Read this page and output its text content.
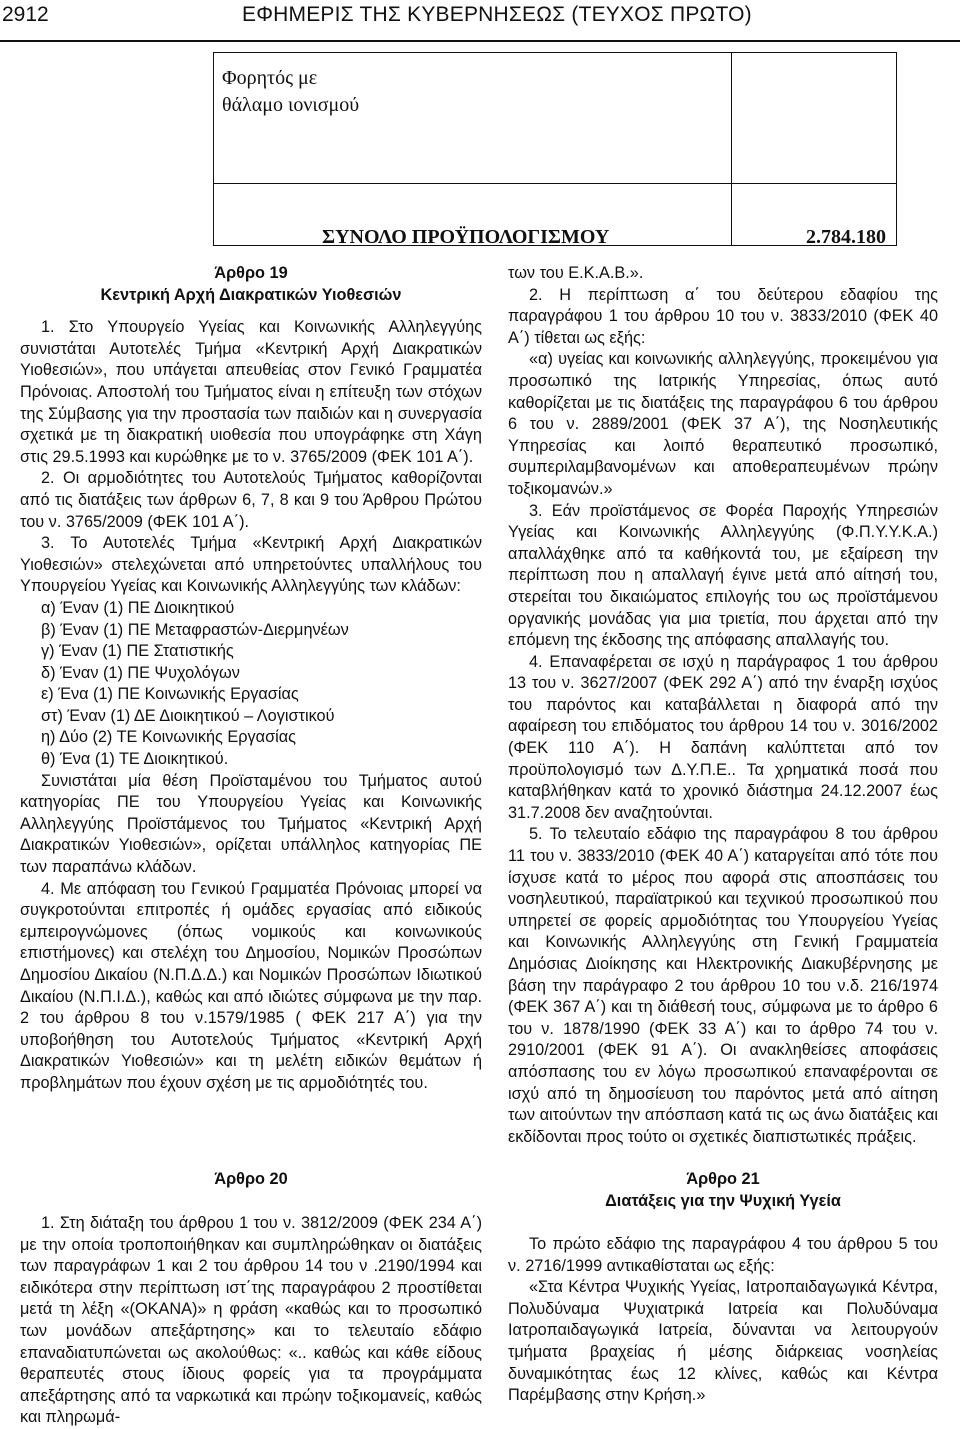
2912	ΕΦΗΜΕΡΙΣ ΤΗΣ ΚΥΒΕΡΝΗΣΕΩΣ (ΤΕΥΧΟΣ ΠΡΩΤΟ)
Φορητός με
θάλαμο ιονισμού
ΣΥΝΟΛΟ ΠΡΟΫΠΟΛΟΓΙΣΜΟΥ	2.784.180
Άρθρο 19
Κεντρική Αρχή Διακρατικών Υιοθεσιών

1. Στο Υπουργείο Υγείας και Κοινωνικής Αλληλεγγύης συνιστάται Αυτοτελές Τμήμα «Κεντρική Αρχή Διακρατικών Υιοθεσιών», που υπάγεται απευθείας στον Γενικό Γραμματέα Πρόνοιας. Αποστολή του Τμήματος είναι η επίτευξη των στόχων της Σύμβασης για την προστασία των παιδιών και η συνεργασία σχετικά με τη διακρατική υιοθεσία που υπογράφηκε στη Χάγη στις 29.5.1993 και κυρώθηκε με το ν. 3765/2009 (ΦΕΚ 101 Α΄).

2. Οι αρμοδιότητες του Αυτοτελούς Τμήματος καθορίζονται από τις διατάξεις των άρθρων 6, 7, 8 και 9 του Άρθρου Πρώτου του ν. 3765/2009 (ΦΕΚ 101 Α΄).

3. Το Αυτοτελές Τμήμα «Κεντρική Αρχή Διακρατικών Υιοθεσιών» στελεχώνεται από υπηρετούντες υπαλλήλους του Υπουργείου Υγείας και Κοινωνικής Αλληλεγγύης των κλάδων:

α) Έναν (1) ΠΕ Διοικητικού

β) Έναν (1) ΠΕ Μεταφραστών-Διερμηνέων

γ) Έναν (1) ΠΕ Στατιστικής

δ) Έναν (1) ΠΕ Ψυχολόγων

ε) Ένα (1) ΠΕ Κοινωνικής Εργασίας

στ) Έναν (1) ΔΕ Διοικητικού – Λογιστικού

η) Δύο (2) ΤΕ Κοινωνικής Εργασίας

θ) Ένα (1) ΤΕ Διοικητικού.

Συνιστάται μία θέση Προϊσταμένου του Τμήματος αυτού κατηγορίας ΠΕ του Υπουργείου Υγείας και Κοινωνικής Αλληλεγγύης Προϊστάμενος του Τμήματος «Κεντρική Αρχή Διακρατικών Υιοθεσιών», ορίζεται υπάλληλος κατηγορίας ΠΕ των παραπάνω κλάδων.

4. Με απόφαση του Γενικού Γραμματέα Πρόνοιας μπορεί να συγκροτούνται επιτροπές ή ομάδες εργασίας από ειδικούς εμπειρογνώμονες (όπως νομικούς και κοινωνικούς επιστήμονες) και στελέχη του Δημοσίου, Νομικών Προσώπων Δημοσίου Δικαίου (Ν.Π.Δ.Δ.) και Νομικών Προσώπων Ιδιωτικού Δικαίου (Ν.Π.Ι.Δ.), καθώς και από ιδιώτες σύμφωνα με την παρ. 2 του άρθρου 8 του ν.1579/1985 ( ΦΕΚ 217 Α΄) για την υποβοήθηση του Αυτοτελούς Τμήματος «Κεντρική Αρχή Διακρατικών Υιοθεσιών» και τη μελέτη ειδικών θεμάτων ή προβλημάτων που έχουν σχέση με τις αρμοδιότητές του.

των του Ε.Κ.Α.Β.».

2. Η περίπτωση α΄ του δεύτερου εδαφίου της παραγράφου 1 του άρθρου 10 του ν. 3833/2010 (ΦΕΚ 40 Α΄) τίθεται ως εξής:

«α) υγείας και κοινωνικής αλληλεγγύης, προκειμένου για προσωπικό της Ιατρικής Υπηρεσίας, όπως αυτό καθορίζεται με τις διατάξεις της παραγράφου 6 του άρθρου 6 του ν. 2889/2001 (ΦΕΚ 37 Α΄), της Νοσηλευτικής Υπηρεσίας και λοιπό θεραπευτικό προσωπικό, συμπεριλαμβανομένων και αποθεραπευμένων πρώην τοξικομανών.»

3. Εάν προϊστάμενος σε Φορέα Παροχής Υπηρεσιών Υγείας και Κοινωνικής Αλληλεγγύης (Φ.Π.Υ.Υ.Κ.Α.) απαλλάχθηκε από τα καθήκοντά του, με εξαίρεση την περίπτωση που η απαλλαγή έγινε μετά από αίτησή του, στερείται του δικαιώματος επιλογής του ως προϊστάμενου οργανικής μονάδας για μια τριετία, που άρχεται από την επόμενη της έκδοσης της απόφασης απαλλαγής του.

4. Επαναφέρεται σε ισχύ η παράγραφος 1 του άρθρου 13 του ν. 3627/2007 (ΦΕΚ 292 Α΄) από την έναρξη ισχύος του παρόντος και καταβάλλεται η διαφορά από την αφαίρεση του επιδόματος του άρθρου 14 του ν. 3016/2002 (ΦΕΚ 110 Α΄). Η δαπάνη καλύπτεται από τον προϋπολογισμό των Δ.Υ.Π.Ε.. Τα χρηματικά ποσά που καταβλήθηκαν κατά το χρονικό διάστημα 24.12.2007 έως 31.7.2008 δεν αναζητούνται.

5. Το τελευταίο εδάφιο της παραγράφου 8 του άρθρου 11 του ν. 3833/2010 (ΦΕΚ 40 Α΄) καταργείται από τότε που ίσχυσε κατά το μέρος που αφορά στις αποσπάσεις του νοσηλευτικού, παραϊατρικού και τεχνικού προσωπικού που υπηρετεί σε φορείς αρμοδιότητας του Υπουργείου Υγείας και Κοινωνικής Αλληλεγγύης στη Γενική Γραμματεία Δημόσιας Διοίκησης και Ηλεκτρονικής Διακυβέρνησης με βάση την παράγραφο 2 του άρθρου 10 του ν.δ. 216/1974 (ΦΕΚ 367 Α΄) και τη διάθεσή τους, σύμφωνα με το άρθρο 6 του ν. 1878/1990 (ΦΕΚ 33 Α΄) και το άρθρο 74 του ν. 2910/2001 (ΦΕΚ 91 Α΄). Οι ανακληθείσες αποφάσεις απόσπασης του εν λόγω προσωπικού επαναφέρονται σε ισχύ από τη δημοσίευση του παρόντος μετά από αίτηση των αιτούντων την απόσπαση κατά τις ως άνω διατάξεις και εκδίδονται προς τούτο οι σχετικές διαπιστωτικές πράξεις.

Άρθρο 20

1. Στη διάταξη του άρθρου 1 του ν. 3812/2009 (ΦΕΚ 234 Α΄) με την οποία τροποποιήθηκαν και συμπληρώθηκαν οι διατάξεις των παραγράφων 1 και 2 του άρθρου 14 του ν .2190/1994 και ειδικότερα στην περίπτωση ιστ΄της παραγράφου 2 προστίθεται μετά τη λέξη «(ΟΚΑΝΑ)» η φράση «καθώς και το προσωπικό των μονάδων απεξάρτησης» και το τελευταίο εδάφιο επαναδιατυπώνεται ως ακολούθως: «.. καθώς και κάθε είδους θεραπευτές στους ίδιους φορείς για τα προγράμματα απεξάρτησης από τα ναρκωτικά και πρώην τοξικομανείς, καθώς και πληρωμά-

Άρθρο 21
Διατάξεις για την Ψυχική Υγεία

Το πρώτο εδάφιο της παραγράφου 4 του άρθρου 5 του ν. 2716/1999 αντικαθίσταται ως εξής:

«Στα Κέντρα Ψυχικής Υγείας, Ιατροπαιδαγωγικά Κέντρα, Πολυδύναμα Ψυχιατρικά Ιατρεία και Πολυδύναμα Ιατροπαιδαγωγικά Ιατρεία, δύνανται να λειτουργούν τμήματα βραχείας ή μέσης διάρκειας νοσηλείας δυναμικότητας έως 12 κλίνες, καθώς και Κέντρα Παρέμβασης στην Κρήση.»
